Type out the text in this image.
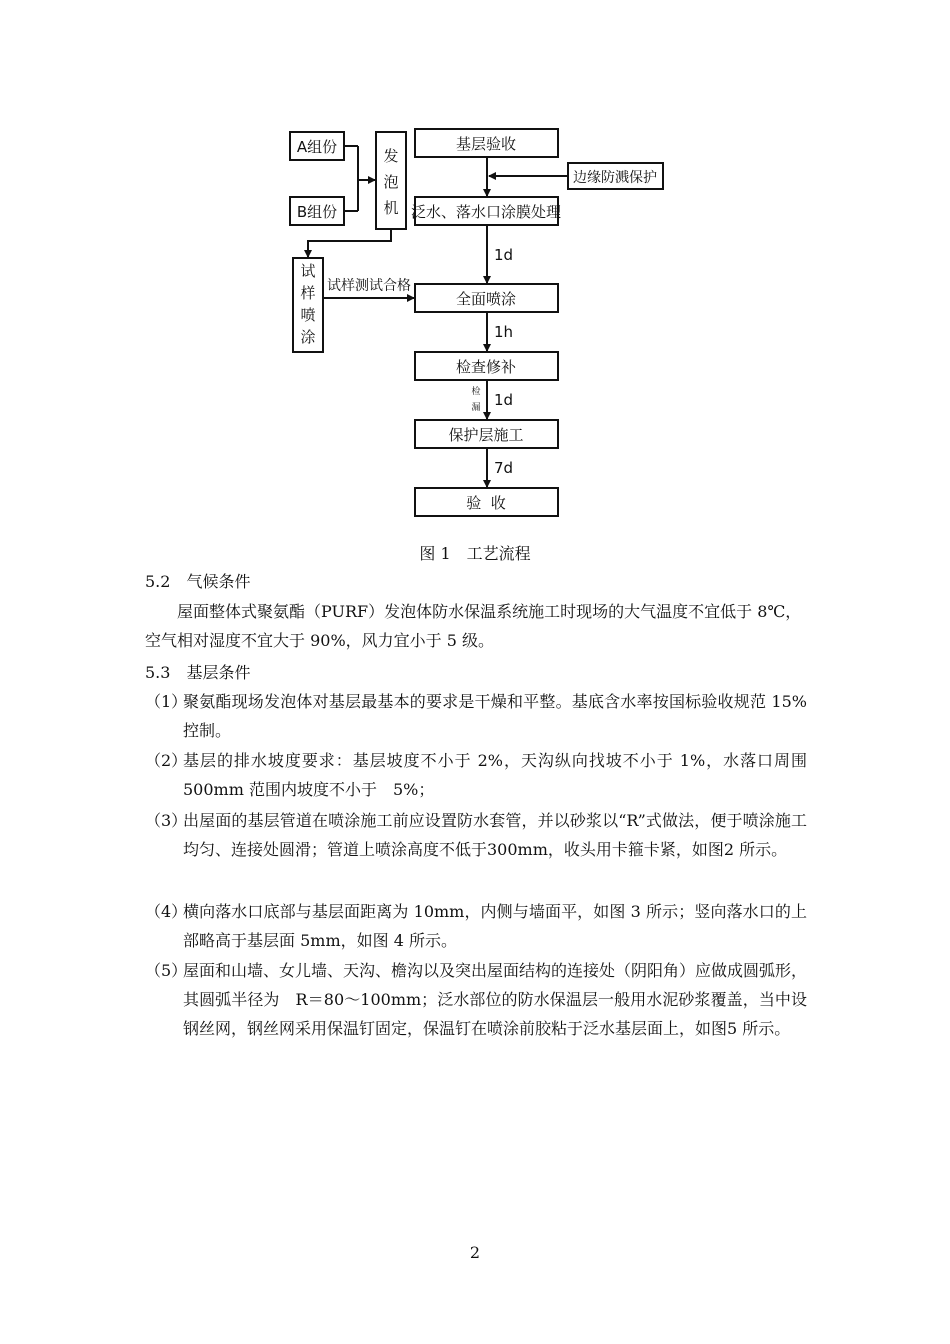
A组份
B组份
发
泡
机
试
样
喷
涂
试样测试合格
基层验收
边缘防溅保护
泛水、落水口涂膜处理
1d
全面喷涂
1h
检查修补
检
漏 1d
保护层施工
7d
验  收
图 1　工艺流程
5.2　气候条件

屋面整体式聚氨酯（PURF）发泡体防水保温系统施工时现场的大气温度不宜低于 8℃，空气相对湿度不宜大于 90%，风力宜小于 5 级。

5.3　基层条件
（1）
聚氨酯现场发泡体对基层最基本的要求是干燥和平整。基底含水率按国标验收规范 15%控制。
（2）
基层的排水坡度要求：基层坡度不小于 2%，天沟纵向找坡不小于 1%，水落口周围 500mm 范围内坡度不小于　5%；
（3）
出屋面的基层管道在喷涂施工前应设置防水套管，并以砂浆以“R”式做法，便于喷涂施工均匀、连接处圆滑；管道上喷涂高度不低于300mm，收头用卡箍卡紧，如图2 所示。
（4）
横向落水口底部与基层面距离为 10mm，内侧与墙面平，如图 3 所示；竖向落水口的上部略高于基层面 5mm，如图 4 所示。
（5）
屋面和山墙、女儿墙、天沟、檐沟以及突出屋面结构的连接处（阴阳角）应做成圆弧形，其圆弧半径为　R＝80～100mm；泛水部位的防水保温层一般用水泥砂浆覆盖，当中设钢丝网，钢丝网采用保温钉固定，保温钉在喷涂前胶粘于泛水基层面上，如图5 所示。
2
